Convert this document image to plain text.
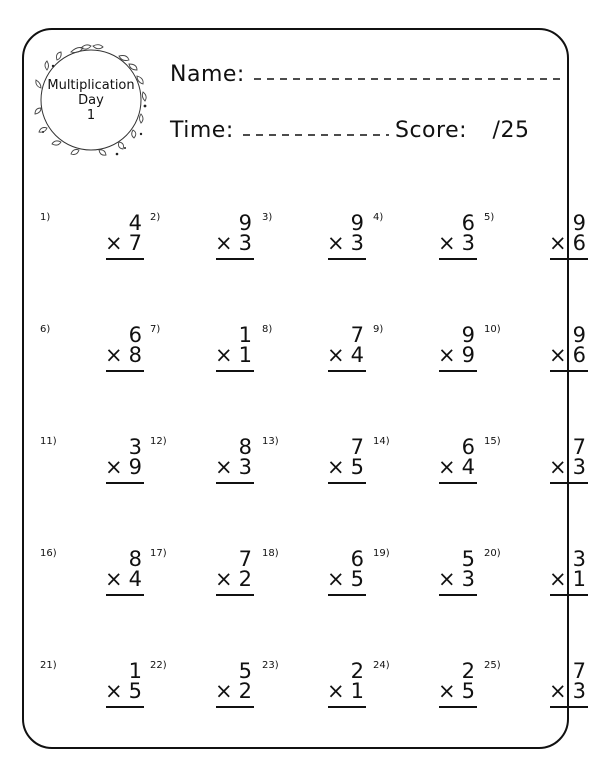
Multiplication
Day
1
Name:
Time:	Score: /25
1)	4
× 7
2)	9
× 3
3)	9
× 3
4)	6
× 3
5)	9
× 6
6)	6
× 8
7)	1
× 1
8)	7
× 4
9)	9
× 9
10)	9
× 6
11)	3
× 9
12)	8
× 3
13)	7
× 5
14)	6
× 4
15)	7
× 3
16)	8
× 4
17)	7
× 2
18)	6
× 5
19)	5
× 3
20)	3
× 1
21)	1
× 5
22)	5
× 2
23)	2
× 1
24)	2
× 5
25)	7
× 3
